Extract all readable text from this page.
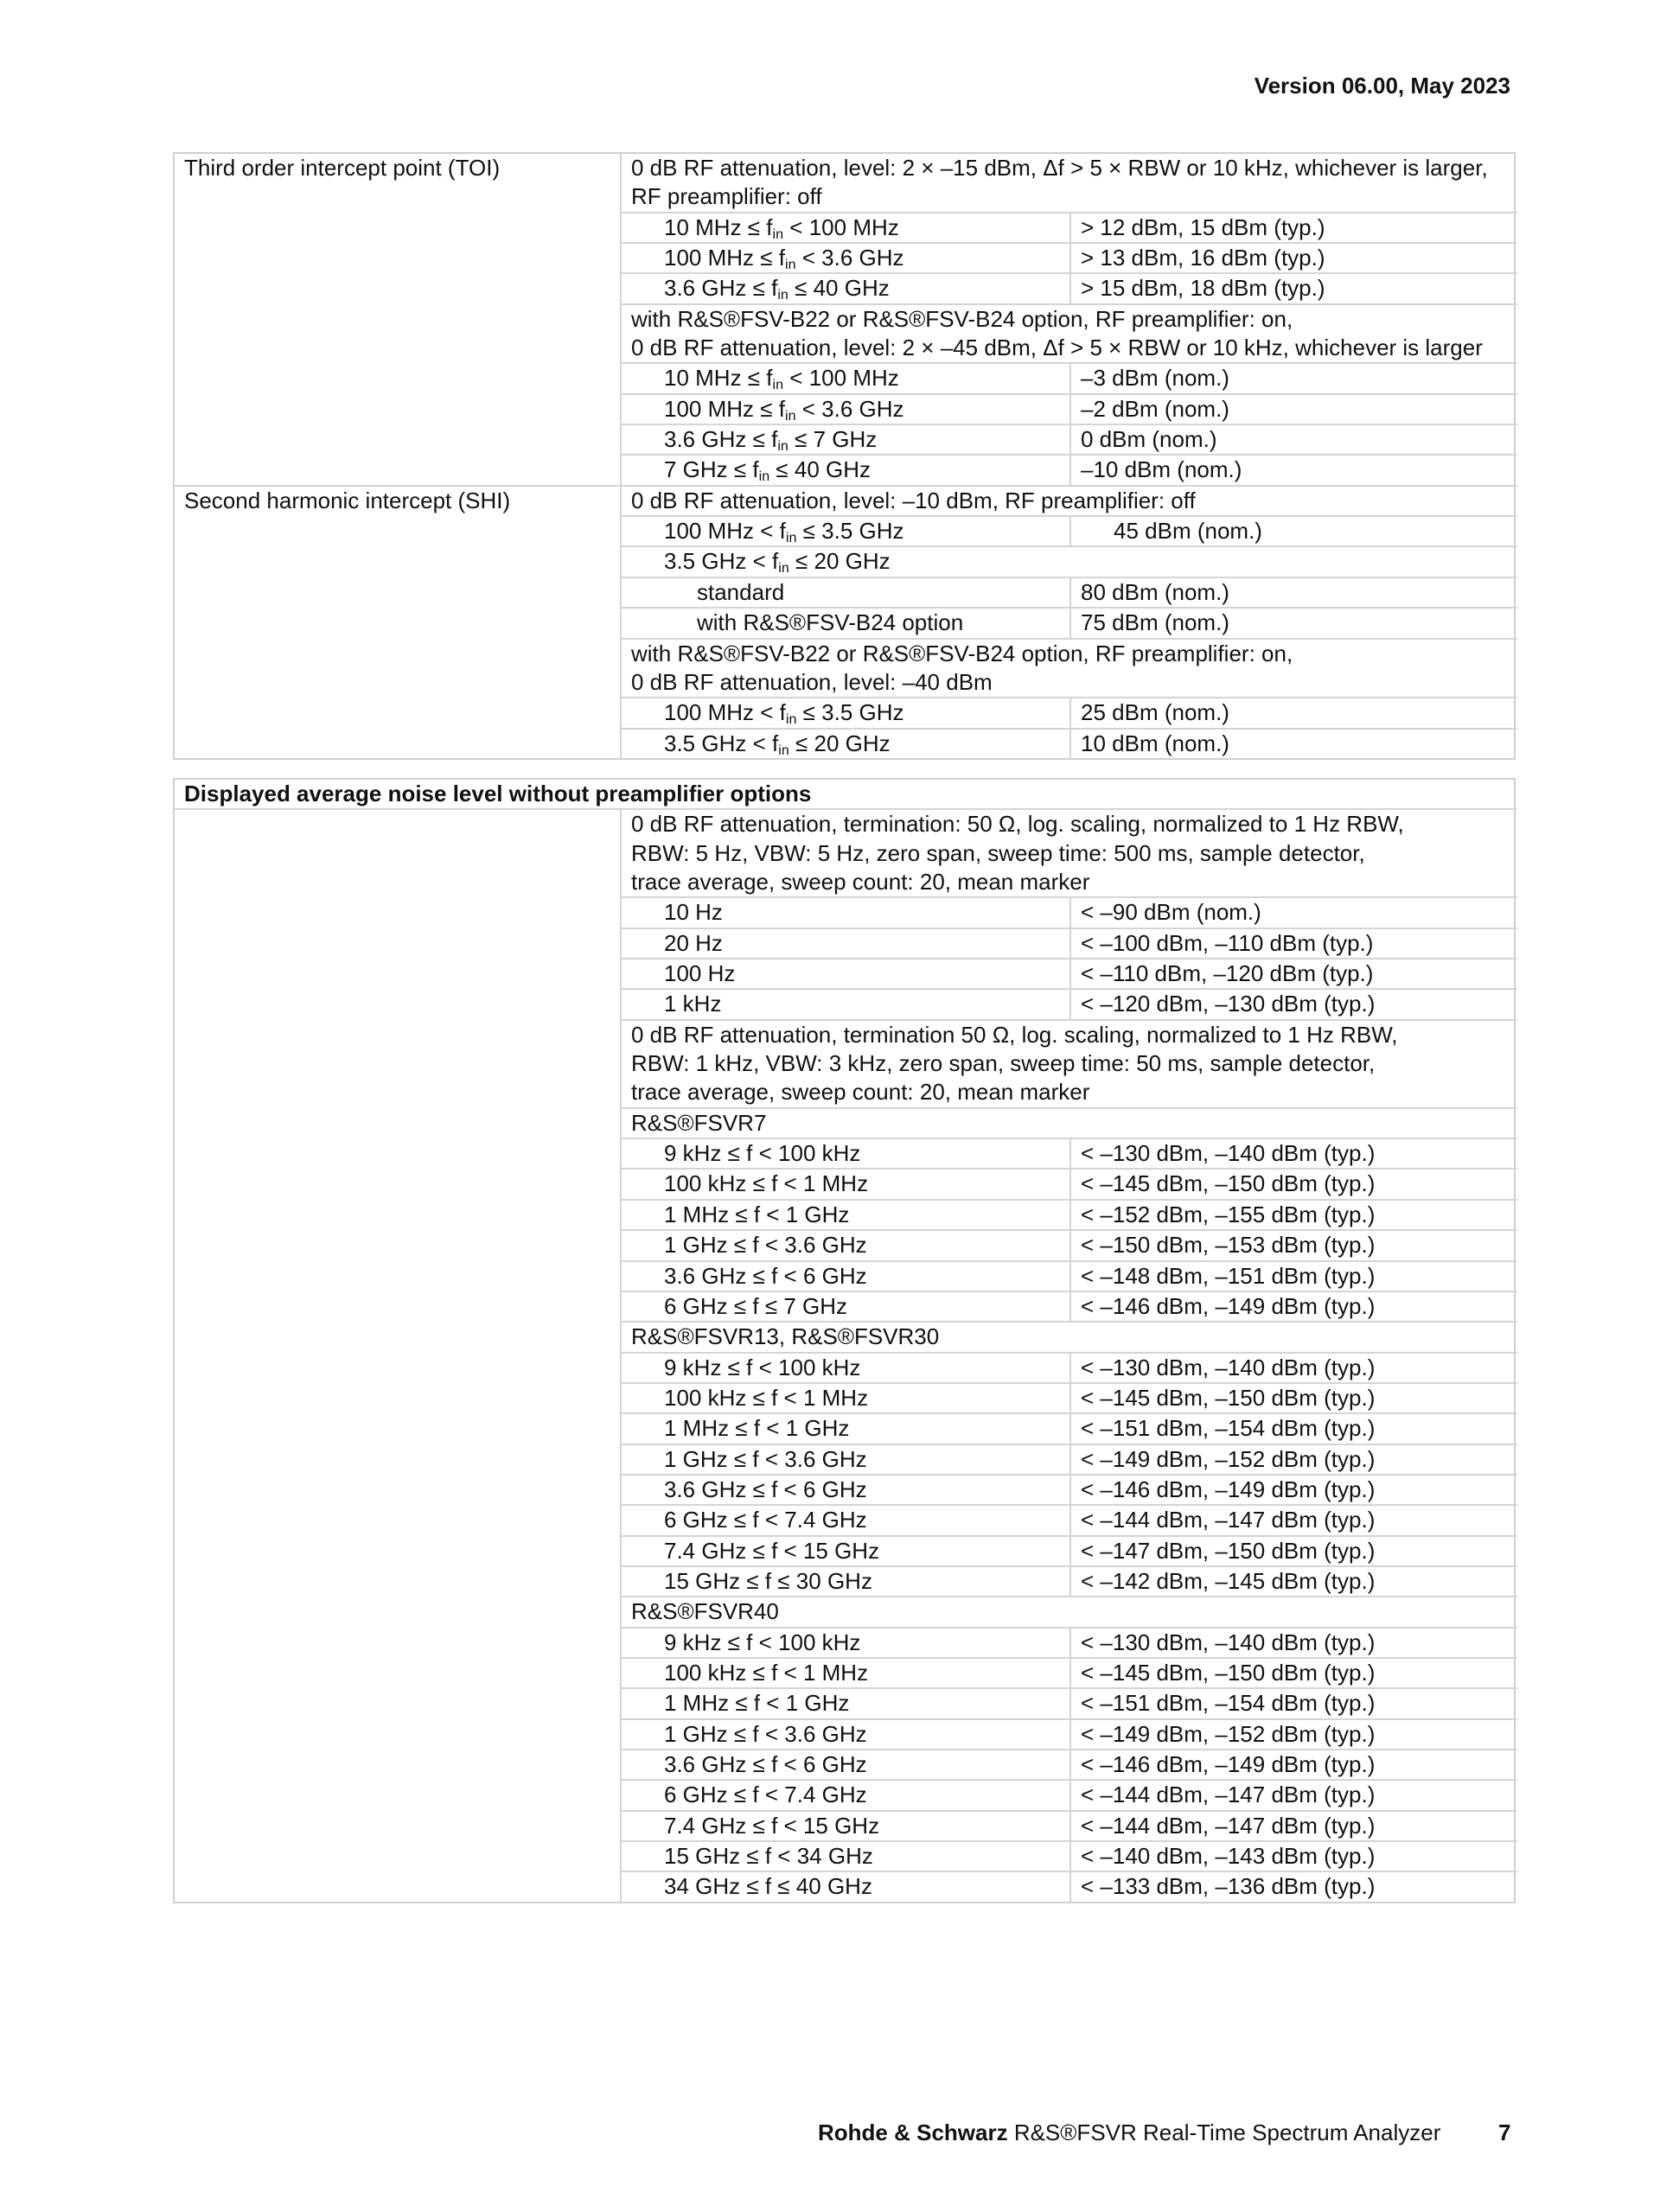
Version 06.00, May 2023
Third order intercept point (TOI)	0 dB RF attenuation, level: 2 × –15 dBm, Δf > 5 × RBW or 10 kHz, whichever is larger,
RF preamplifier: off
10 MHz ≤ $f_{in} < 100$ MHz	> 12 dBm, 15 dBm (typ.)
100 MHz ≤ $f_{in} < 3.6$ GHz	> 13 dBm, 16 dBm (typ.)
3.6 GHz ≤ $f_{in} \le 40$ GHz	> 15 dBm, 18 dBm (typ.)
with R&S®FSV-B22 or R&S®FSV-B24 option, RF preamplifier: on,
0 dB RF attenuation, level: 2 × –45 dBm, Δf > 5 × RBW or 10 kHz, whichever is larger
10 MHz ≤ $f_{in} < 100$ MHz	–3 dBm (nom.)
100 MHz ≤ $f_{in} < 3.6$ GHz	–2 dBm (nom.)
3.6 GHz ≤ $f_{in} \le 7$ GHz	0 dBm (nom.)
7 GHz ≤ $f_{in} \le 40$ GHz	–10 dBm (nom.)
Second harmonic intercept (SHI)	0 dB RF attenuation, level: –10 dBm, RF preamplifier: off
100 MHz < $f_{in} \le 3.5$ GHz	45 dBm (nom.)
3.5 GHz < $f_{in} \le 20$ GHz
standard	80 dBm (nom.)
with R&S®FSV-B24 option	75 dBm (nom.)
with R&S®FSV-B22 or R&S®FSV-B24 option, RF preamplifier: on,
0 dB RF attenuation, level: –40 dBm
100 MHz < $f_{in} \le 3.5$ GHz	25 dBm (nom.)
3.5 GHz < $f_{in} \le 20$ GHz	10 dBm (nom.)
Displayed average noise level without preamplifier options
0 dB RF attenuation, termination: 50 Ω, log. scaling, normalized to 1 Hz RBW,
RBW: 5 Hz, VBW: 5 Hz, zero span, sweep time: 500 ms, sample detector,
trace average, sweep count: 20, mean marker
10 Hz	< –90 dBm (nom.)
20 Hz	< –100 dBm, –110 dBm (typ.)
100 Hz	< –110 dBm, –120 dBm (typ.)
1 kHz	< –120 dBm, –130 dBm (typ.)
0 dB RF attenuation, termination 50 Ω, log. scaling, normalized to 1 Hz RBW,
RBW: 1 kHz, VBW: 3 kHz, zero span, sweep time: 50 ms, sample detector,
trace average, sweep count: 20, mean marker
R&S®FSVR7
9 kHz ≤ f < 100 kHz	< –130 dBm, –140 dBm (typ.)
100 kHz ≤ f < 1 MHz	< –145 dBm, –150 dBm (typ.)
1 MHz ≤ f < 1 GHz	< –152 dBm, –155 dBm (typ.)
1 GHz ≤ f < 3.6 GHz	< –150 dBm, –153 dBm (typ.)
3.6 GHz ≤ f < 6 GHz	< –148 dBm, –151 dBm (typ.)
6 GHz ≤ f ≤ 7 GHz	< –146 dBm, –149 dBm (typ.)
R&S®FSVR13, R&S®FSVR30
9 kHz ≤ f < 100 kHz	< –130 dBm, –140 dBm (typ.)
100 kHz ≤ f < 1 MHz	< –145 dBm, –150 dBm (typ.)
1 MHz ≤ f < 1 GHz	< –151 dBm, –154 dBm (typ.)
1 GHz ≤ f < 3.6 GHz	< –149 dBm, –152 dBm (typ.)
3.6 GHz ≤ f < 6 GHz	< –146 dBm, –149 dBm (typ.)
6 GHz ≤ f < 7.4 GHz	< –144 dBm, –147 dBm (typ.)
7.4 GHz ≤ f < 15 GHz	< –147 dBm, –150 dBm (typ.)
15 GHz ≤ f ≤ 30 GHz	< –142 dBm, –145 dBm (typ.)
R&S®FSVR40
9 kHz ≤ f < 100 kHz	< –130 dBm, –140 dBm (typ.)
100 kHz ≤ f < 1 MHz	< –145 dBm, –150 dBm (typ.)
1 MHz ≤ f < 1 GHz	< –151 dBm, –154 dBm (typ.)
1 GHz ≤ f < 3.6 GHz	< –149 dBm, –152 dBm (typ.)
3.6 GHz ≤ f < 6 GHz	< –146 dBm, –149 dBm (typ.)
6 GHz ≤ f < 7.4 GHz	< –144 dBm, –147 dBm (typ.)
7.4 GHz ≤ f < 15 GHz	< –144 dBm, –147 dBm (typ.)
15 GHz ≤ f < 34 GHz	< –140 dBm, –143 dBm (typ.)
34 GHz ≤ f ≤ 40 GHz	< –133 dBm, –136 dBm (typ.)
Rohde & Schwarz R&S®FSVR Real-Time Spectrum Analyzer	7
